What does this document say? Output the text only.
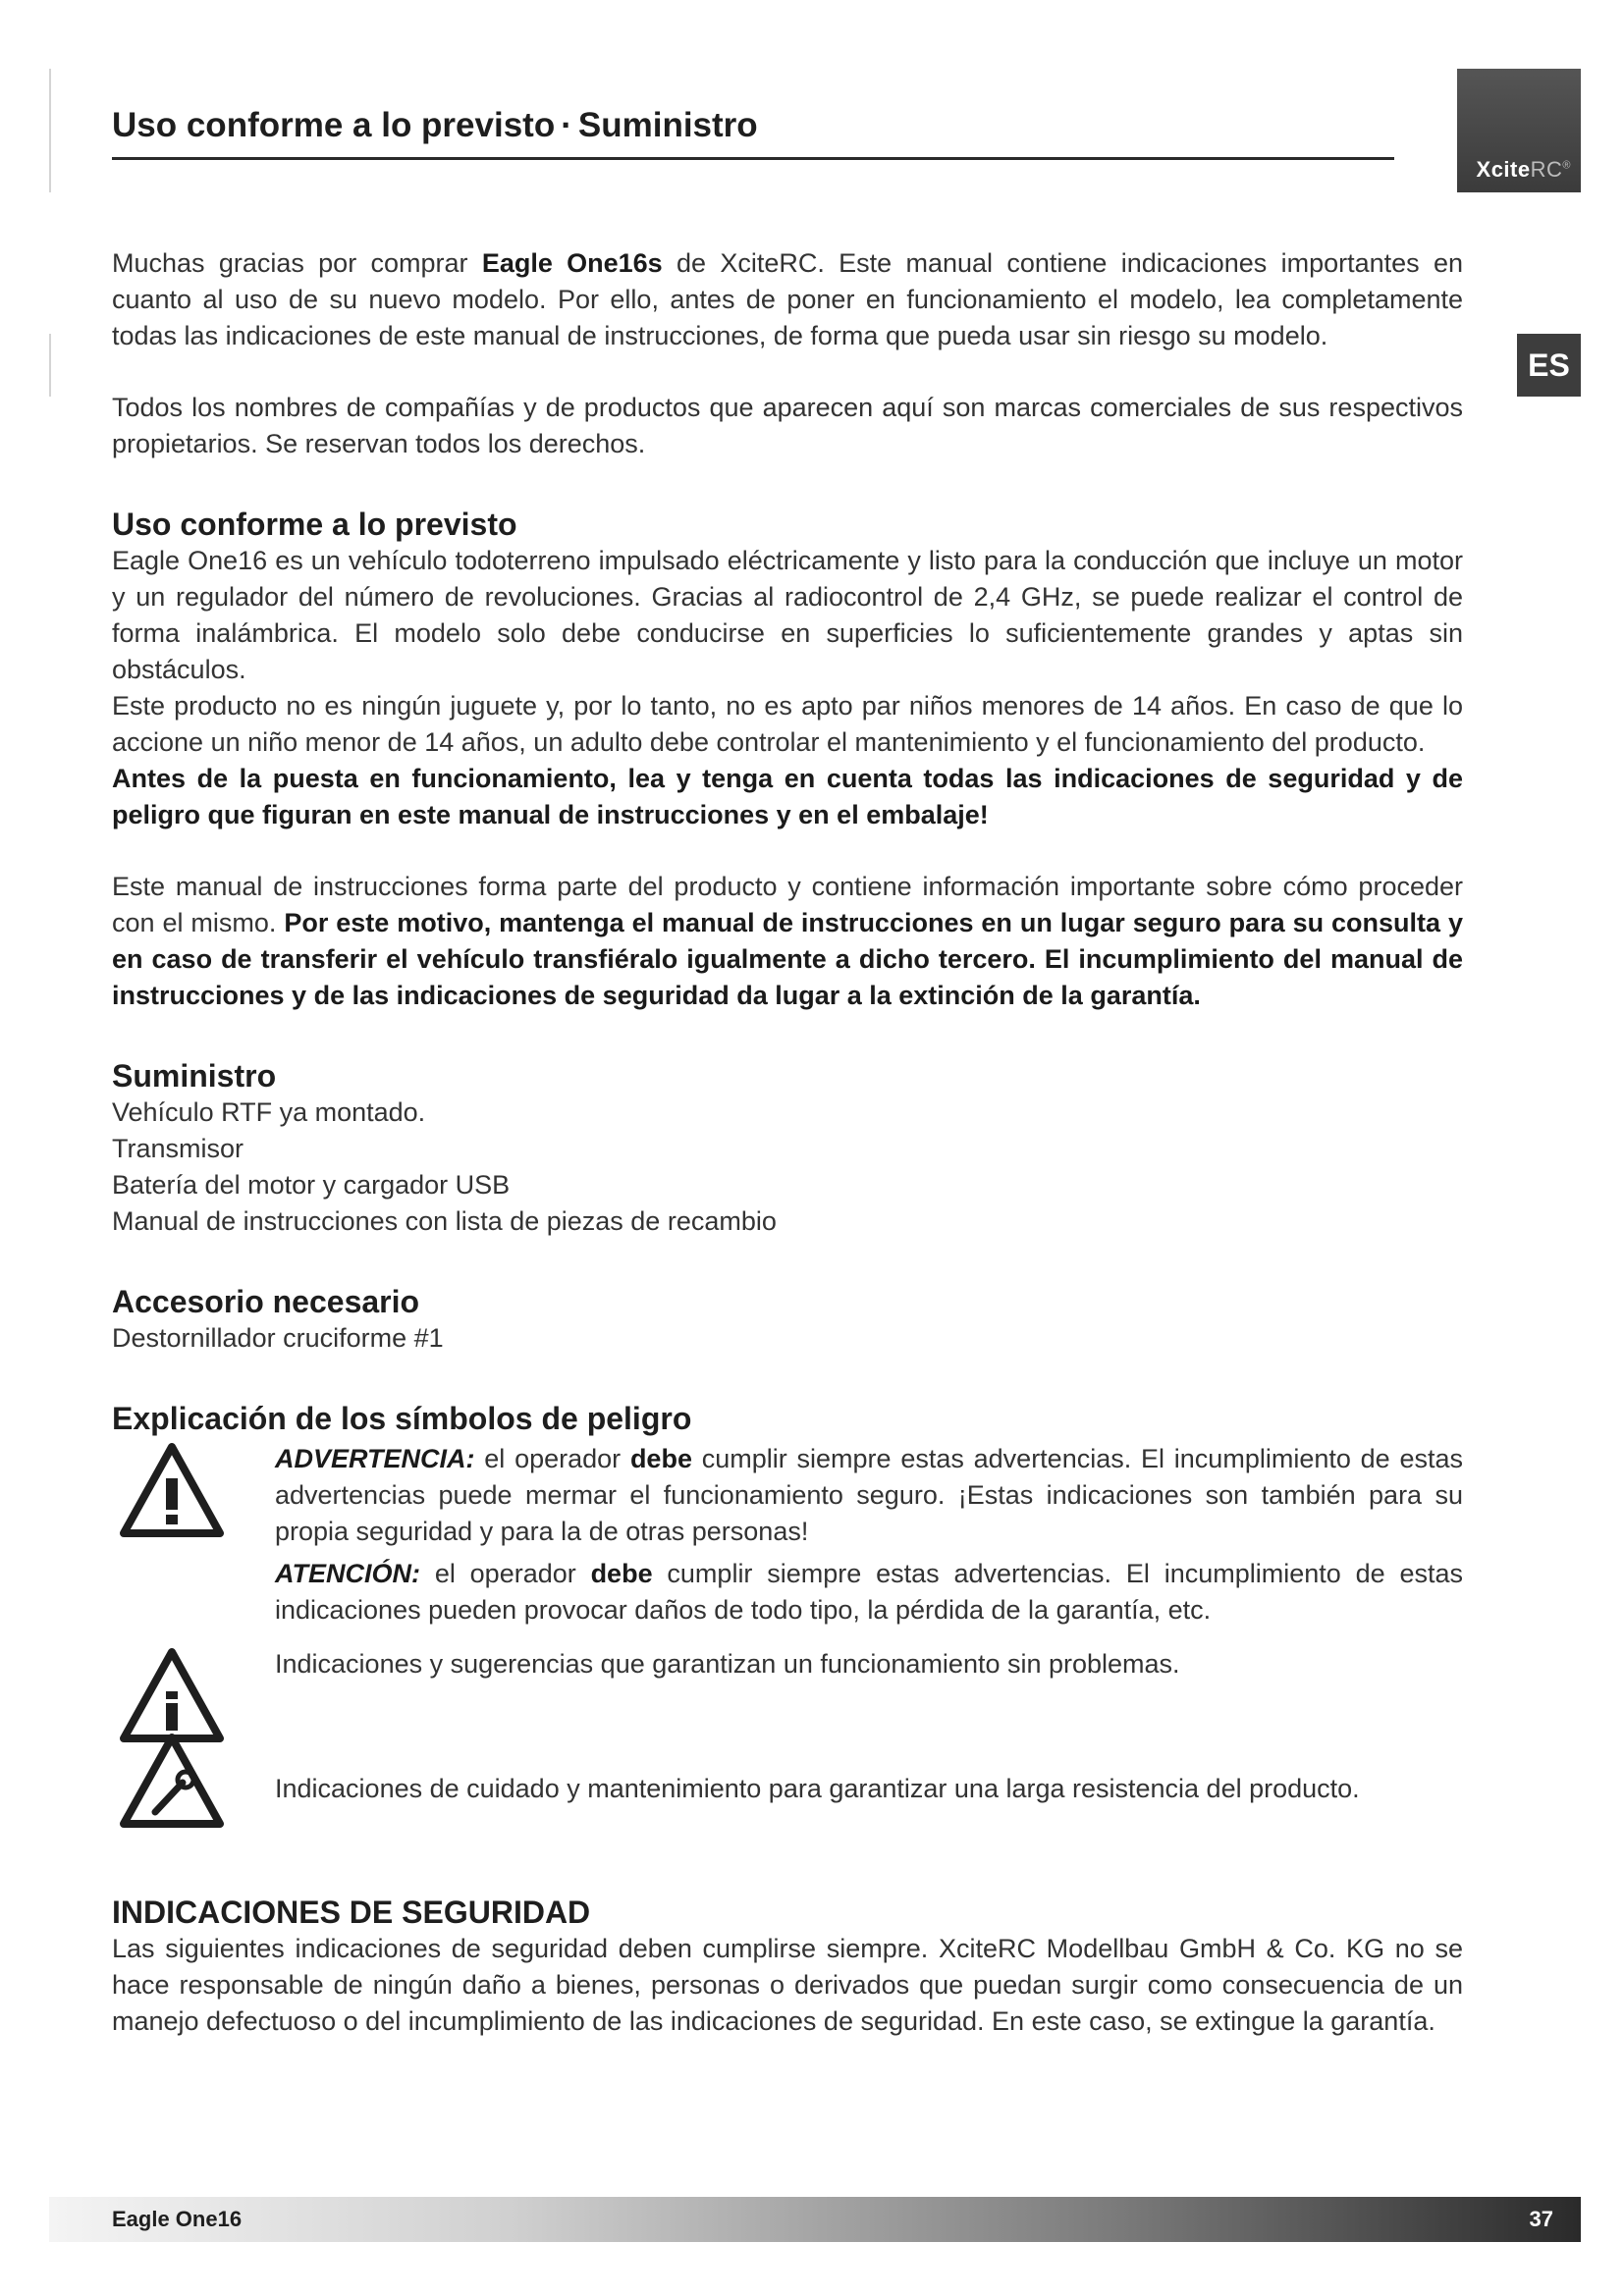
Uso conforme a lo previsto · Suministro
XciteRC®
ES

Muchas gracias por comprar Eagle One16s de XciteRC. Este manual contiene indicaciones importantes en cuanto al uso de su nuevo modelo. Por ello, antes de poner en funcionamiento el modelo, lea completamente todas las indicaciones de este manual de instrucciones, de forma que pueda usar sin riesgo su modelo.

Todos los nombres de compañías y de productos que aparecen aquí son marcas comerciales de sus respectivos propietarios. Se reservan todos los derechos.

Uso conforme a lo previsto

Eagle One16 es un vehículo todoterreno impulsado eléctricamente y listo para la conducción que incluye un motor y un regulador del número de revoluciones. Gracias al radiocontrol de 2,4 GHz, se puede realizar el control de forma inalámbrica. El modelo solo debe conducirse en superficies lo suficientemente grandes y aptas sin obstáculos.

Este producto no es ningún juguete y, por lo tanto, no es apto par niños menores de 14 años. En caso de que lo accione un niño menor de 14 años, un adulto debe controlar el mantenimiento y el funcionamiento del producto.

Antes de la puesta en funcionamiento, lea y tenga en cuenta todas las indicaciones de seguridad y de peligro que figuran en este manual de instrucciones y en el embalaje!

Este manual de instrucciones forma parte del producto y contiene información importante sobre cómo proceder con el mismo. Por este motivo, mantenga el manual de instrucciones en un lugar seguro para su consulta y en caso de transferir el vehículo transfiéralo igualmente a dicho tercero. El incumplimiento del manual de instrucciones y de las indicaciones de seguridad da lugar a la extinción de la garantía.

Suministro

Vehículo RTF ya montado.

Transmisor

Batería del motor y cargador USB

Manual de instrucciones con lista de piezas de recambio

Accesorio necesario

Destornillador cruciforme #1

Explicación de los símbolos de peligro

ADVERTENCIA: el operador debe cumplir siempre estas advertencias. El incumplimiento de estas advertencias puede mermar el funcionamiento seguro. ¡Estas indicaciones son también para su propia seguridad y para la de otras personas!

ATENCIÓN: el operador debe cumplir siempre estas advertencias. El incumplimiento de estas indicaciones pueden provocar daños de todo tipo, la pérdida de la garantía, etc.

Indicaciones y sugerencias que garantizan un funcionamiento sin problemas.

Indicaciones de cuidado y mantenimiento para garantizar una larga resistencia del producto.

INDICACIONES DE SEGURIDAD

Las siguientes indicaciones de seguridad deben cumplirse siempre. XciteRC Modellbau GmbH & Co. KG no se hace responsable de ningún daño a bienes, personas o derivados que puedan surgir como consecuencia de un manejo defectuoso o del incumplimiento de las indicaciones de seguridad. En este caso, se extingue la garantía.

Eagle One16	37
